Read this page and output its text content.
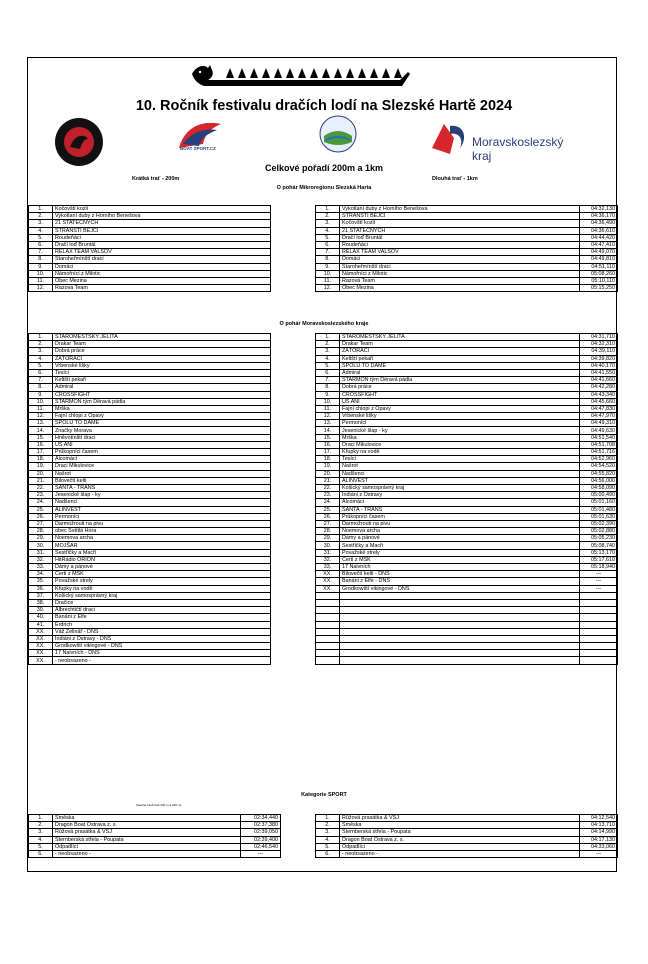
10. Ročník festivalu dračích lodí na Slezské Hartě 2024
BOAT SPORT.CZ	Moravskoslezský
kraj
Celkové pořadí 200m a 1km
Krátká trať - 200m	Dlouhá trať - 1km
O pohár Mikroregionu Slezská Harta
O pohár Moravskoslezského kraje
Kategorie SPORT
(Součet časů tratí 200 m a 200 m)
1.	Kočovští kozli
2.	Vykotlaní duby z Horního Benešova
3.	21 STATEČNÝCH
4.	STRÁNŠTÍ BEJCI
5.	Roudeňáci
6.	Dračí loď Bruntál
7.	RELAX TEAM VALŠOV
8.	Staroheřmínští draci
9.	Domáci
10.	Námořníci z Milotic
11.	Obec Mezina
12.	Razová Team
1.	Vykotlaní duby z Horního Benešova	04:32,130
2.	STRÁNŠTÍ BEJCI	04:36,170
3.	Kočovští kozli	04:36,490
4.	21 STATEČNÝCH	04:36,610
5.	Dračí loď Bruntál	04:44,420
6.	Roudeňáci	04:47,410
7.	RELAX TEAM VALŠOV	04:49,070
8.	Domáci	04:49,810
9.	Staroheřmínští draci	04:51,110
10.	Námořníci z Milotic	05:08,260
11.	Razová Team	05:10,110
12.	Obec Mezina	05:15,250
1.	STAROMĚSTSKÝ JELITA
2.	Drakar Team
3.	Dobrá práce
4.	ZÁTORÁCI
5.	Vrbenské lišky
6.	Tesíci
7.	Keltští pekaři
8.	Admiral
9.	CROSSFIGHT
10.	STARMON tým Děravá pádla
11.	Mrška
12.	Fajní chlopi z Opavy
13.	SPOLU TO DÁME
14.	Značky Morava
15.	Hněvotínští draci
16.	UŠ ANI
17.	Průkopníci časem
18.	Alcomáci
19.	Draci Mikulovice
20.	Našrot
21.	Bilovečtí kelti
22.	SANTA - TRANS
23.	Jesenické šlap - ky
24.	Nadšenci
25.	ALINVEST
26.	Permoníci
27.	Darmožrouti na pivu
28.	obec Světlá Hora
29.	Noemova archa
30.	MOJŠÁR
31.	Sestřičky a Macři
32.	HitRádio ORION
33.	Dámy a pánové
34.	Čerti z MSK
35.	Považské strely
36.	Křupky na vodě
37.	Košický samosprávný kraj
38.	Dračice
39.	Albrechtičtí draci
40.	Banáni z Elfe
41.	Erdrich
XX.	Váž Zelinář - DNS
XX.	Indiáni z Ostravy - DNS
XX.	Grodkowští vikingové - DNS
XX.	17 Naivních - DNS
XX.	- neobsazeno -
1.	STAROMĚSTSKÝ JELITA	04:31,710
2.	Drakar Team	04:32,310
3.	ZÁTORÁCI	04:39,110
4.	Keltští pekaři	04:39,820
5.	SPOLU TO DÁME	04:40,170
6.	Admiral	04:41,550
7.	STARMON tým Děravá pádla	04:41,660
8.	Dobrá práce	04:42,280
9.	CROSSFIGHT	04:43,340
10.	UŠ ANI	04:45,660
11.	Fajní chlopi z Opavy	04:47,830
12.	Vrbenské lišky	04:47,970
13.	Permoníci	04:49,310
14.	Jesenické šlap - ky	04:49,630
15.	Mrška	04:51,540
16.	Draci Mikulovice	04:51,708
17.	Křupky na vodě	04:51,716
18.	Tesíci	04:52,960
19.	Našrot	04:54,520
20.	Nadšenci	04:55,820
21.	ALINVEST	04:56,000
22.	Košický samosprávný kraj	04:58,090
23.	Indiáni z Ostravy	05:00,490
24.	Alcomáci	05:01,160
25.	SANTA - TRANS	05:01,480
26.	Průkopníci časem	05:01,630
27.	Darmožrouti na pivu	05:02,390
28.	Noemova archa	05:02,880
29.	Dámy a pánové	05:05,230
30.	Sestřičky a Macři	05:08,740
31.	Považské strely	05:13,170
32.	Čerti z MSK	05:17,610
33.	17 Naivních	05:18,940
XX.	Bilovečtí kelti - DNS	---
XX.	Banáni z Elfe - DNS	---
XX.	Grodkowští vikingové - DNS	---

1.	Směska	02:34,440
2.	Dragon Boat Ostrava z. s.	02:37,380
3.	Růžová prasátka & VSJ	02:39,050
4.	Šternberská střela - Poupata	02:39,400
5.	Odpadlíci	02:46,540
6.	- neobsazeno -	---
1.	Růžová prasátka & VSJ	04:12,540
2.	Směska	04:13,710
3.	Šternberská střela - Poupata	04:14,990
4.	Dragon Boat Ostrava z. s.	04:17,130
5.	Odpadlíci	04:33,060
6.	- neobsazeno -	---
